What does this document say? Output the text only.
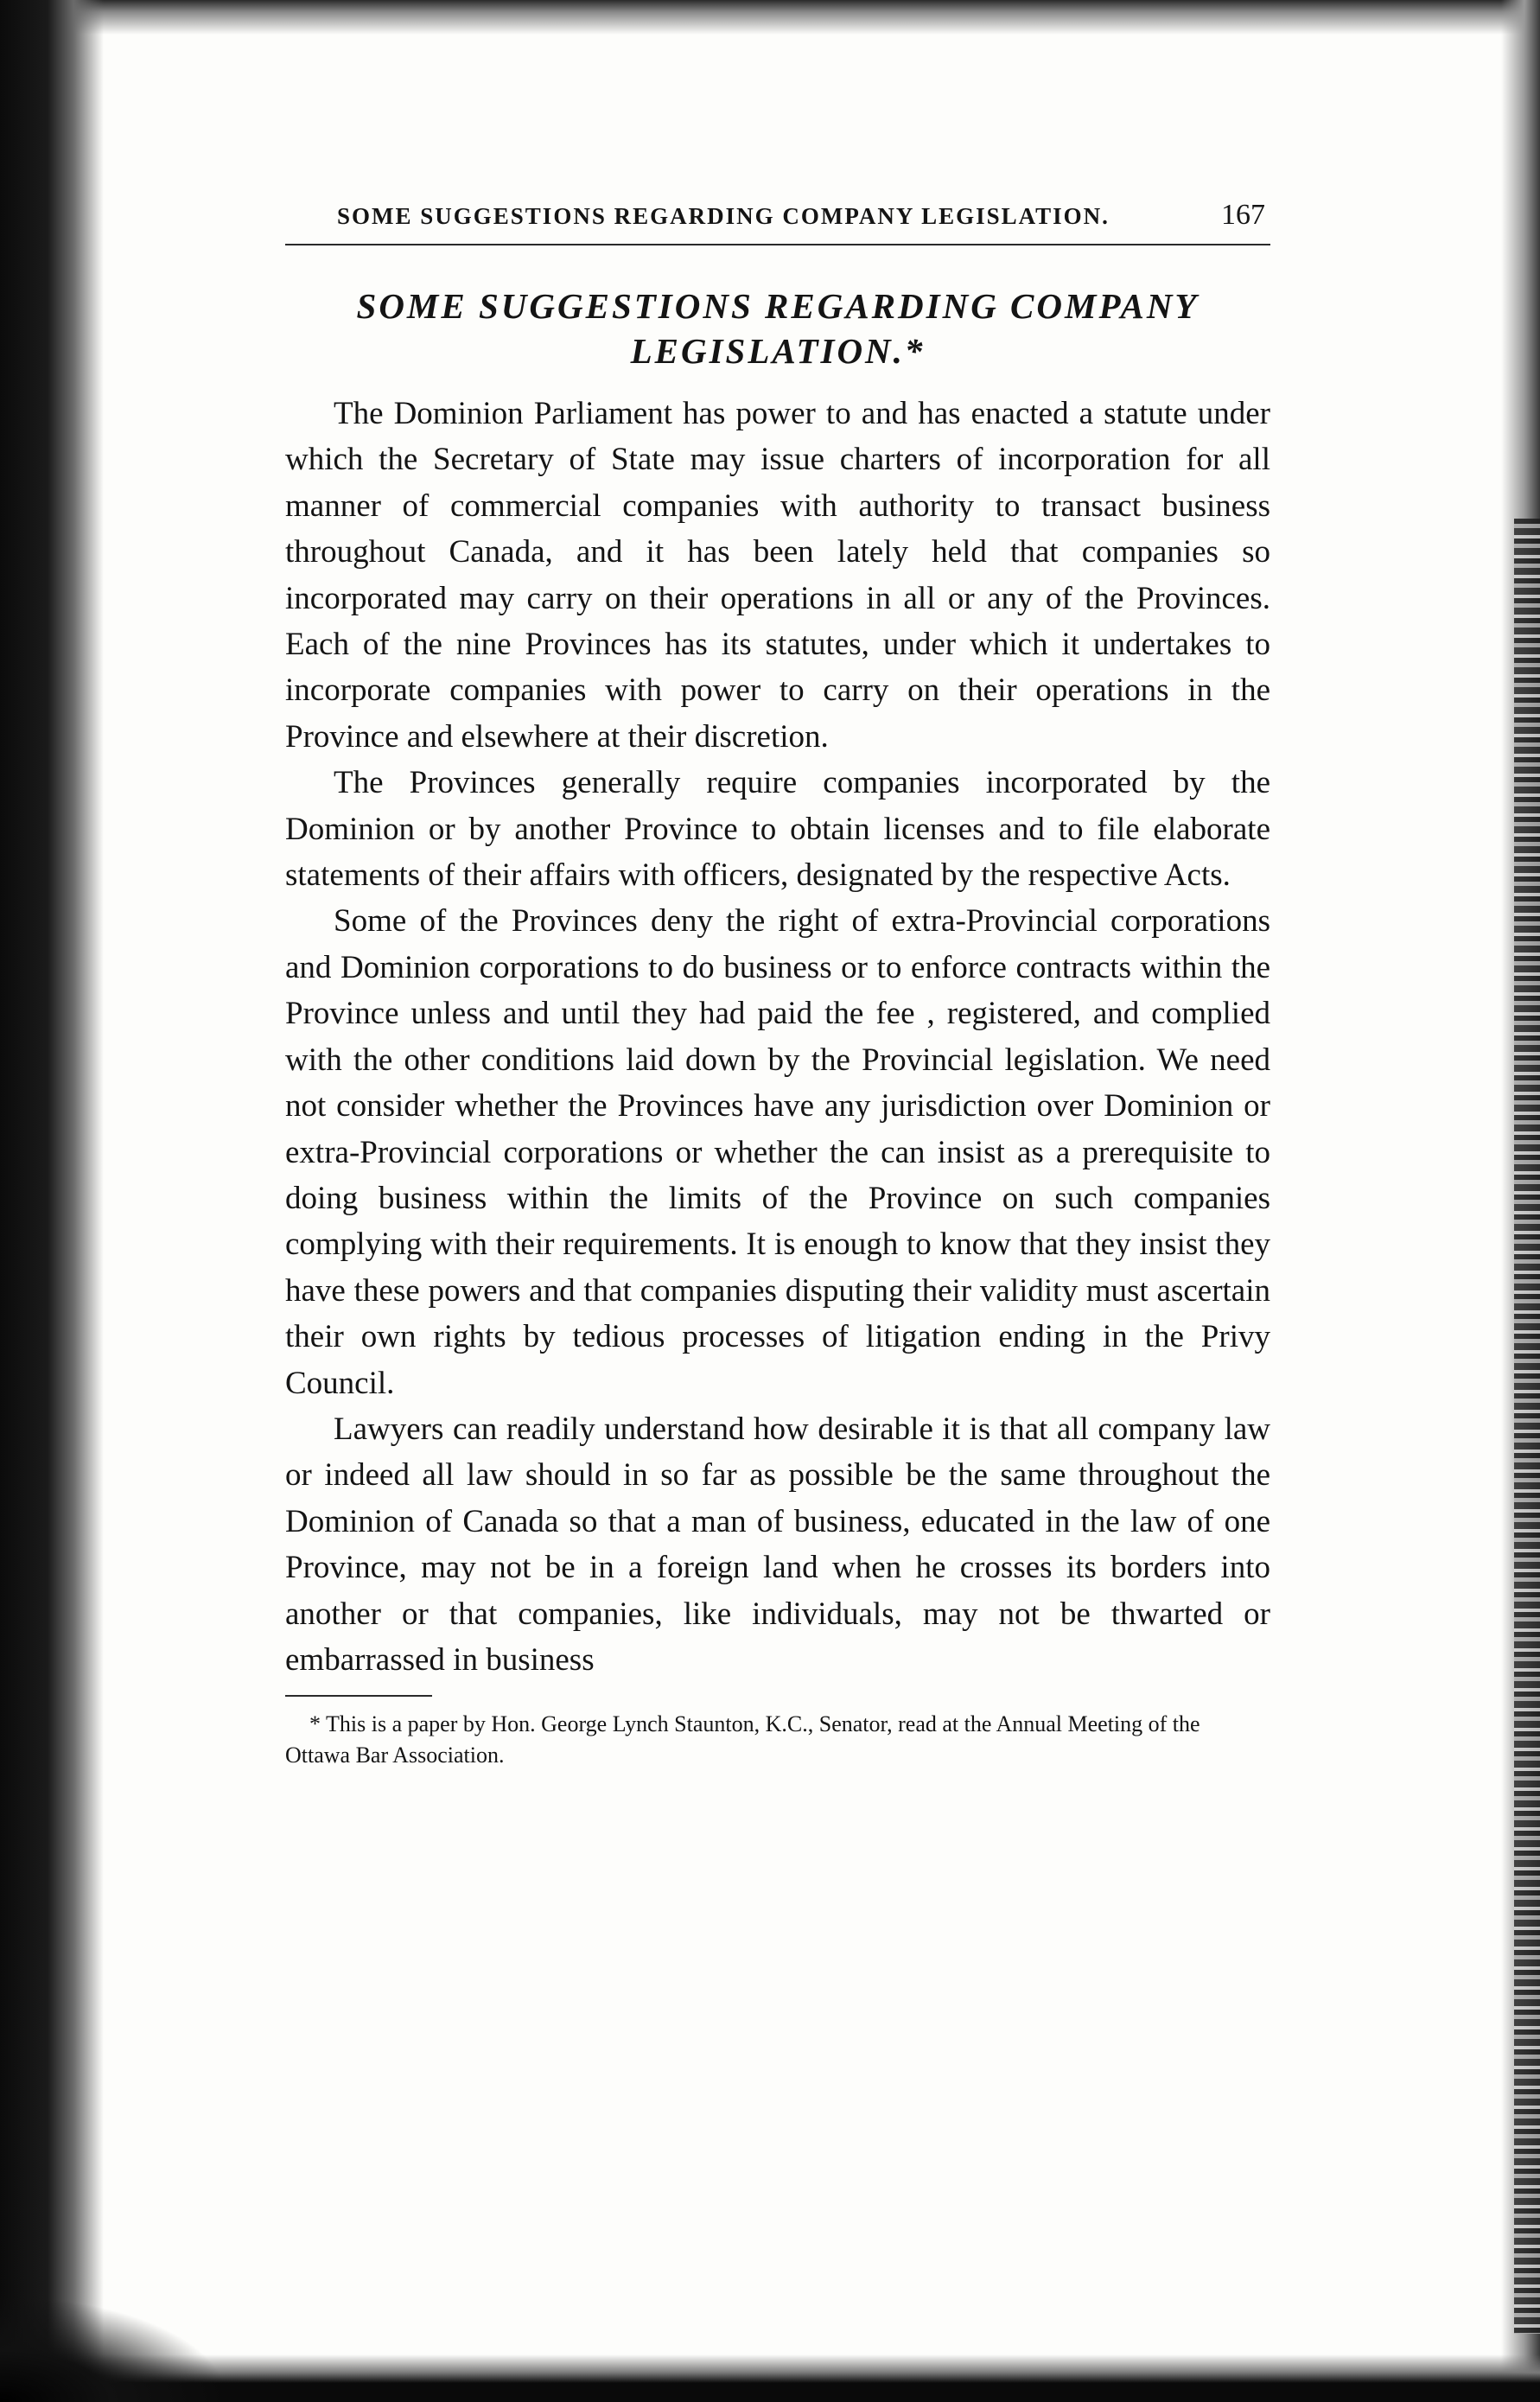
SOME SUGGESTIONS REGARDING COMPANY LEGISLATION.	167
SOME SUGGESTIONS REGARDING COMPANY LEGISLATION.*

The Dominion Parliament has power to and has enacted a statute under which the Secretary of State may issue charters of incorporation for all manner of commercial companies with authority to transact business throughout Canada, and it has been lately held that companies so incorporated may carry on their operations in all or any of the Provinces. Each of the nine Provinces has its statutes, under which it undertakes to incorporate companies with power to carry on their operations in the Province and elsewhere at their discretion.

The Provinces generally require companies incorporated by the Dominion or by another Province to obtain licenses and to file elaborate statements of their affairs with officers, designated by the respective Acts.

Some of the Provinces deny the right of extra-Provincial corporations and Dominion corporations to do business or to enforce contracts within the Province unless and until they had paid the fee , registered, and complied with the other conditions laid down by the Provincial legislation. We need not consider whether the Provinces have any jurisdiction over Dominion or extra-Provincial corporations or whether the can insist as a prerequisite to doing business within the limits of the Province on such companies complying with their requirements. It is enough to know that they insist they have these powers and that companies disputing their validity must ascertain their own rights by tedious processes of litigation ending in the Privy Council.

Lawyers can readily understand how desirable it is that all company law or indeed all law should in so far as possible be the same throughout the Dominion of Canada so that a man of business, educated in the law of one Province, may not be in a foreign land when he crosses its borders into another or that companies, like individuals, may not be thwarted or embarrassed in business

* This is a paper by Hon. George Lynch Staunton, K.C., Senator, read at the Annual Meeting of the Ottawa Bar Association.
